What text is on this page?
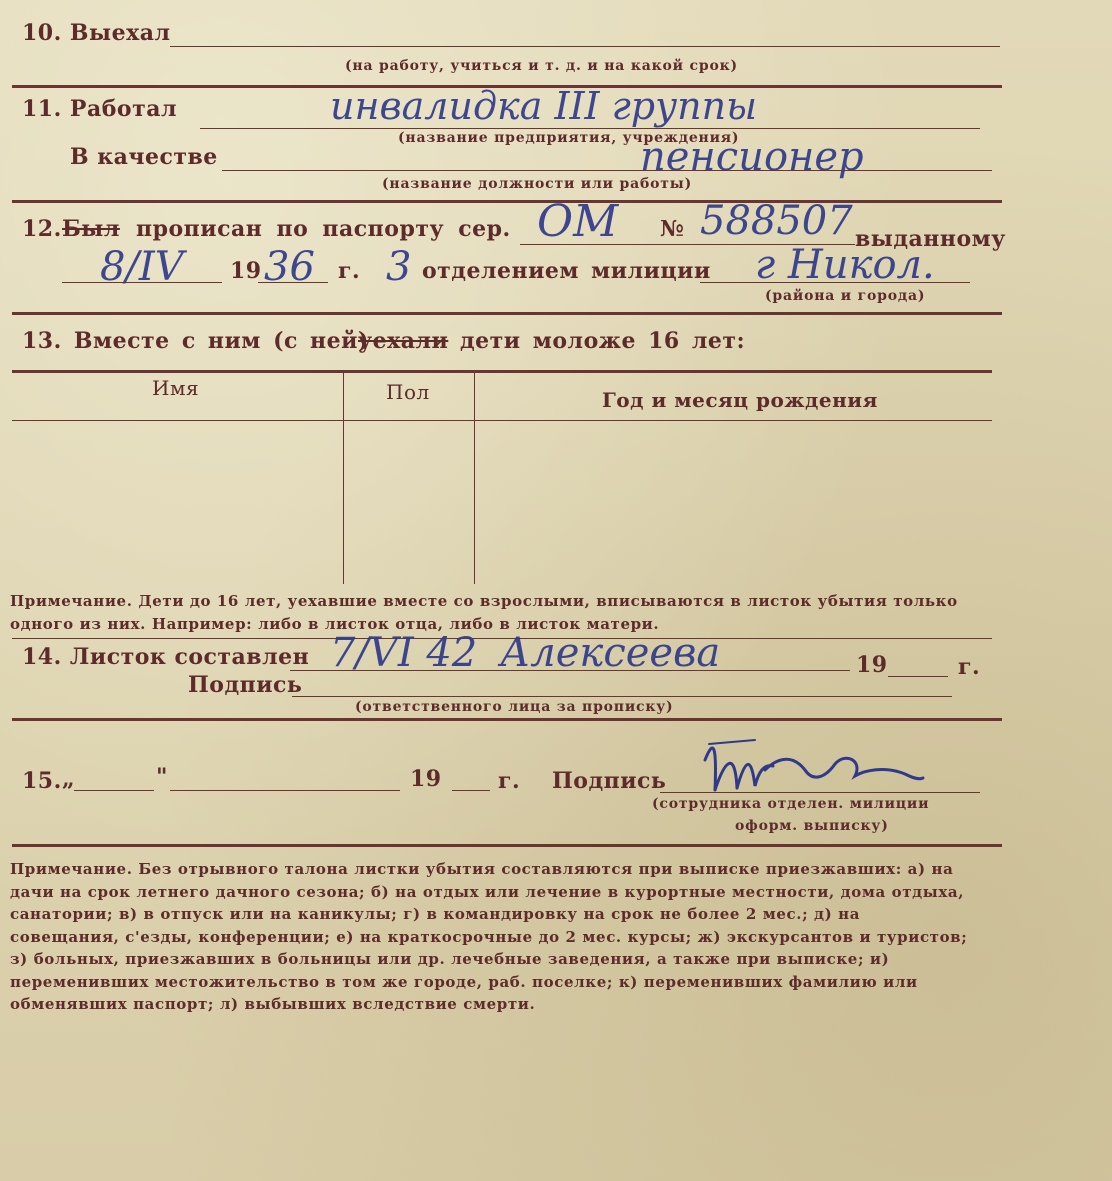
10. Выехал
(на работу, учиться и т. д. и на какой срок)
11. Работал	инвалидка III группы
(название предприятия, учреждения)
В качестве	пенсионер
(название должности или работы)
12. Был прописан по паспорту сер. ОМ № 588507 выданному
8/IV 19 36 г. 3 отделением милиции г Никол.
(района и города)
13. Вместе с ним (с ней)
уехали дети моложе 16 лет:
Имя	Пол	Год и месяц рождения
Примечание. Дети до 16 лет, уехавшие вместе со взрослыми, вписываются в листок убытия только одного из них. Например: либо в листок отца, либо в листок матери.
14. Листок составлен 7/VI 42 Алексеева	19	г.
Подпись
(ответственного лица за прописку)
15. „	"	19	г. Подпись
(сотрудника отделен. милиции
оформ. выписку)
Примечание. Без отрывного талона листки убытия составляются при выписке приезжавших: а) на дачи на срок летнего дачного сезона; б) на отдых или лечение в курортные местности, дома отдыха, санатории; в) в отпуск или на каникулы; г) в командировку на срок не более 2 мес.; д) на совещания, с'езды, конференции; е) на краткосрочные до 2 мес. курсы; ж) экскурсантов и туристов; з) больных, приезжавших в больницы или др. лечебные заведения, а также при выписке; и) переменивших местожительство в том же городе, раб. поселке; к) переменивших фамилию или обменявших паспорт; л) выбывших вследствие смерти.
